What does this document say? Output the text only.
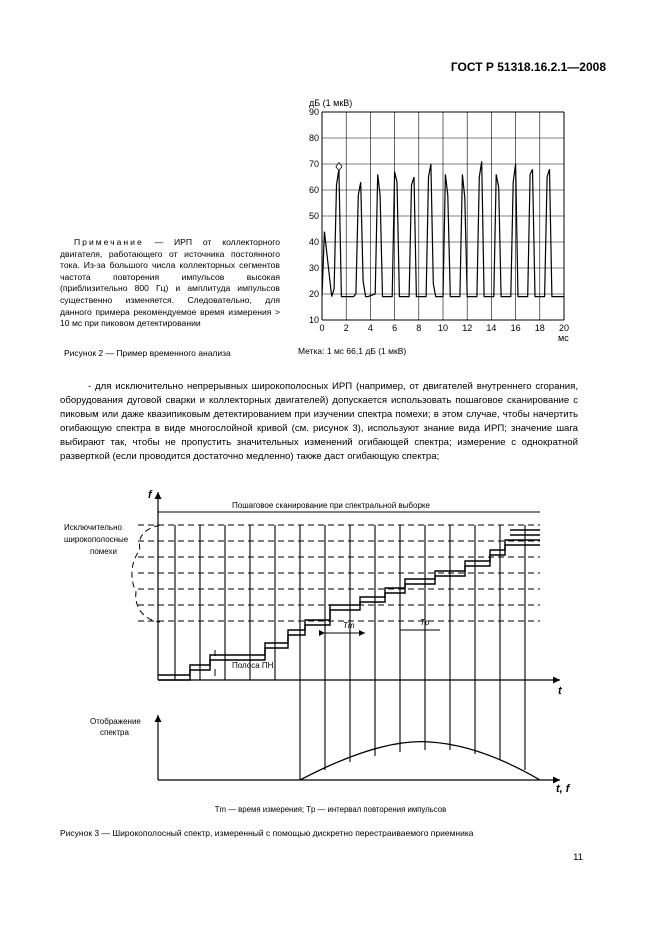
ГОСТ Р 51318.16.2.1—2008
0 2 4 6 8 10 12 14 16 18 20
10
20
30
40
50
60
70
80
90
дБ (1 мкВ)
мс
Примечание — ИРП от коллекторного двигателя, работающего от источника постоянного тока. Из-за большого числа коллекторных сегментов частота повторения импульсов высокая (приблизительно 800 Гц) и амплитуда импульсов существенно изменяется. Следовательно, для данного примера рекомендуемое время измерения > 10 мс при пиковом детектировании
Рисунок 2 — Пример временного анализа	Метка: 1 мс 66,1 дБ (1 мкВ)

- для исключительно непрерывных широкополосных ИРП (например, от двигателей внутреннего сгорания, оборудования дуговой сварки и коллекторных двигателей) допускается использовать пошаговое сканирование с пиковым или даже квазипиковым детектированием при изучении спектра помехи; в этом случае, чтобы начертить огибающую спектра в виде многослойной кривой (см. рисунок 3), используют знание вида ИРП; значение шага выбирают так, чтобы не пропустить значительных изменений огибающей спектра; измерение с однократной разверткой (если проводится достаточно медленно) также даст огибающую спектра;

f
t
Пошаговое сканирование при спектральной выборке
Исключительно
широкополосные
помехи
Полоса ПН
Tm	Tp
t, f
Отображение
спектра
Tm — время измерения; Tp — интервал повторения импульсов
Рисунок 3 — Широкополосный спектр, измеренный с помощью дискретно перестраиваемого приемника
11
